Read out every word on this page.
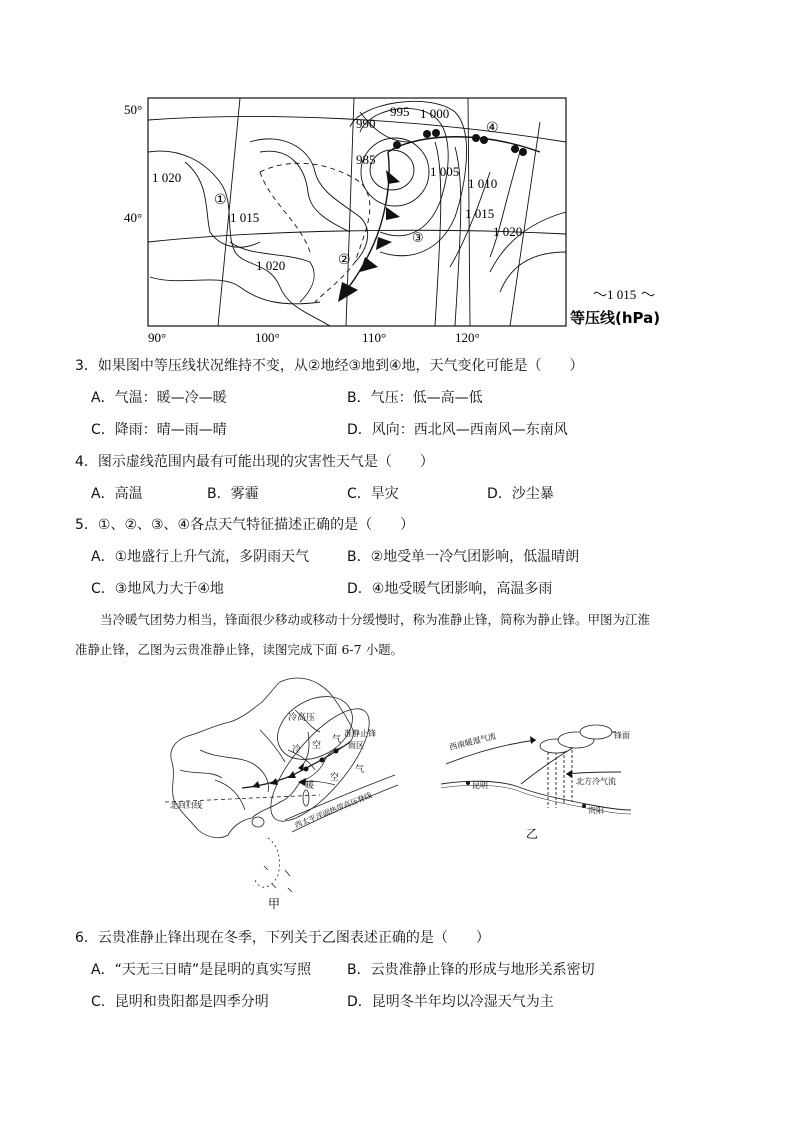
50°
40°
90°	100°	110°	120°
990
995 1 000
985
1 020
1 015
1 005
1 010
1 015
1 020
1 020
①
②
③
④
1 015
等压线(hPa)
3．如果图中等压线状况维持不变，从②地经③地到④地，天气变化可能是（　　）
A．气温：暖—冷—暖	B．气压：低—高—低
C．降雨：晴—雨—晴	D．风向：西北风—西南风—东南风
4．图示虚线范围内最有可能出现的灾害性天气是（　　）
A．高温	B．雾霾	C．旱灾	D．沙尘暴
5．①、②、③、④各点天气特征描述正确的是（　　）
A．①地盛行上升气流，多阴雨天气	B．②地受单一冷气团影响，低温晴朗
C．③地风力大于④地	D．④地受暖气团影响，高温多雨
当冷暖气团势力相当，锋面很少移动或移动十分缓慢时，称为准静止锋，简称为静止锋。甲图为江淮
准静止锋，乙图为云贵准静止锋，读图完成下面 6-7 小题。
冷高压
冷 空
气
准静止锋
雨区
暖
空
气
北回归线	西太平洋副热带高压脊线
甲
西南暖湿气流	锋面
北方冷气流
昆明
贵阳
乙
6．云贵准静止锋出现在冬季，下列关于乙图表述正确的是（　　）
A．“天无三日晴”是昆明的真实写照	B．云贵准静止锋的形成与地形关系密切
C．昆明和贵阳都是四季分明	D．昆明冬半年均以冷湿天气为主
